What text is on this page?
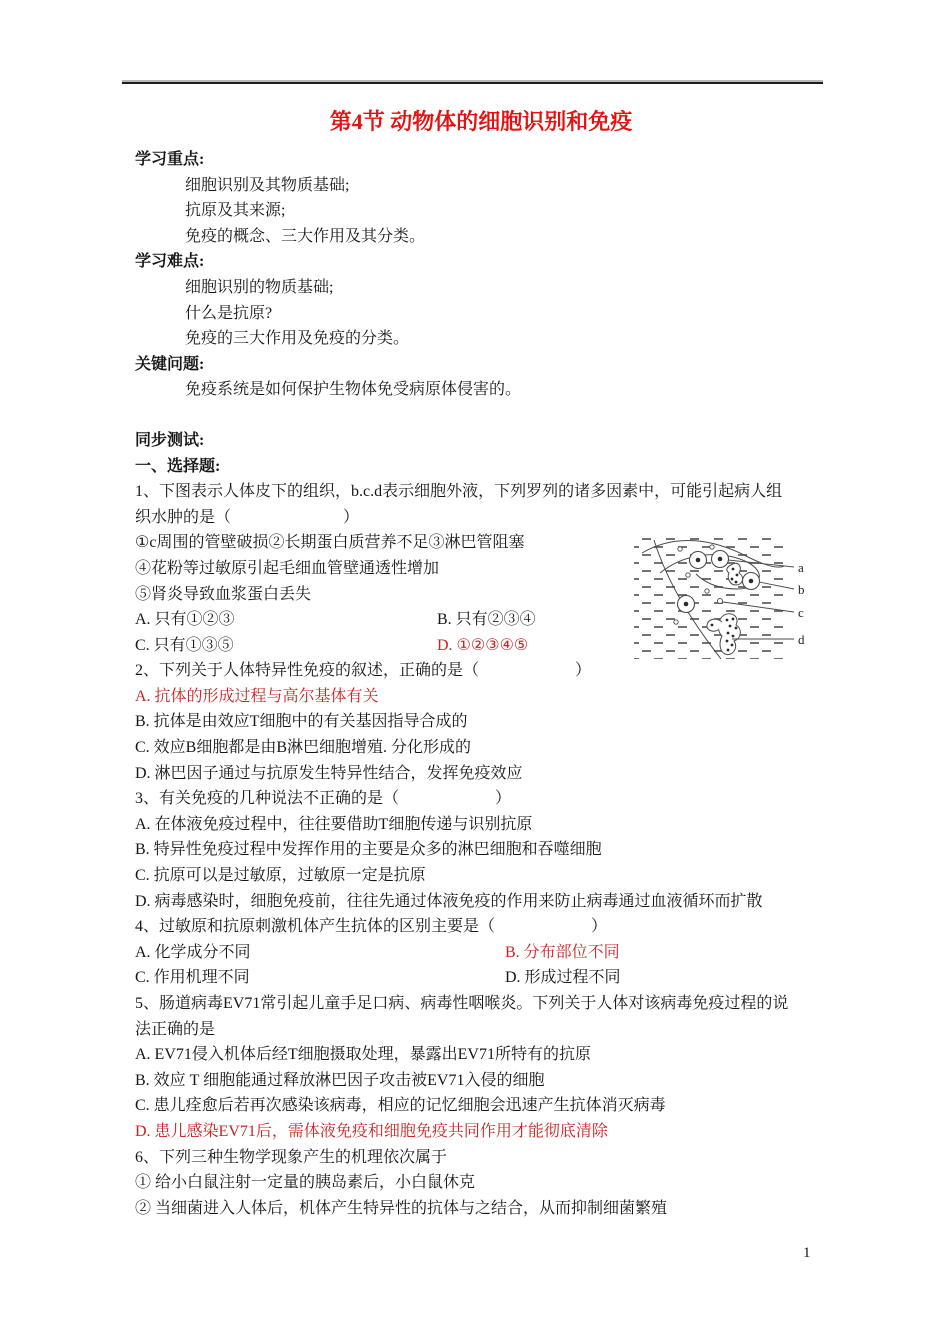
第4节 动物体的细胞识别和免疫

学习重点:

细胞识别及其物质基础;

抗原及其来源;

免疫的概念、三大作用及其分类。

学习难点:

细胞识别的物质基础;

什么是抗原?

免疫的三大作用及免疫的分类。

关键问题:

免疫系统是如何保护生物体免受病原体侵害的。

同步测试:

一、选择题:

1、下图表示人体皮下的组织，b.c.d表示细胞外液，下列罗列的诸多因素中，可能引起病人组

织水肿的是（　　　　　　　）

①c周围的管壁破损②长期蛋白质营养不足③淋巴管阻塞

④花粉等过敏原引起毛细血管壁通透性增加

⑤肾炎导致血浆蛋白丢失

A. 只有①②③	B. 只有②③④
C. 只有①③⑤	D. ①②③④⑤

2、下列关于人体特异性免疫的叙述，正确的是（　　　　　　）

A. 抗体的形成过程与高尔基体有关

B. 抗体是由效应T细胞中的有关基因指导合成的

C. 效应B细胞都是由B淋巴细胞增殖. 分化形成的

D. 淋巴因子通过与抗原发生特异性结合，发挥免疫效应

3、有关免疫的几种说法不正确的是（　　　　　　）

A. 在体液免疫过程中，往往要借助T细胞传递与识别抗原

B. 特异性免疫过程中发挥作用的主要是众多的淋巴细胞和吞噬细胞

C. 抗原可以是过敏原，过敏原一定是抗原

D. 病毒感染时，细胞免疫前，往往先通过体液免疫的作用来防止病毒通过血液循环而扩散

4、过敏原和抗原刺激机体产生抗体的区别主要是（　　　　　　）

A. 化学成分不同	B. 分布部位不同
C. 作用机理不同	D. 形成过程不同

5、肠道病毒EV71常引起儿童手足口病、病毒性咽喉炎。下列关于人体对该病毒免疫过程的说

法正确的是

A. EV71侵入机体后经T细胞摄取处理，暴露出EV71所特有的抗原

B. 效应 T 细胞能通过释放淋巴因子攻击被EV71入侵的细胞

C. 患儿痊愈后若再次感染该病毒，相应的记忆细胞会迅速产生抗体消灭病毒

D. 患儿感染EV71后，需体液免疫和细胞免疫共同作用才能彻底清除

6、下列三种生物学现象产生的机理依次属于

① 给小白鼠注射一定量的胰岛素后，小白鼠休克

② 当细菌进入人体后，机体产生特异性的抗体与之结合，从而抑制细菌繁殖

a
b
c
d
1
